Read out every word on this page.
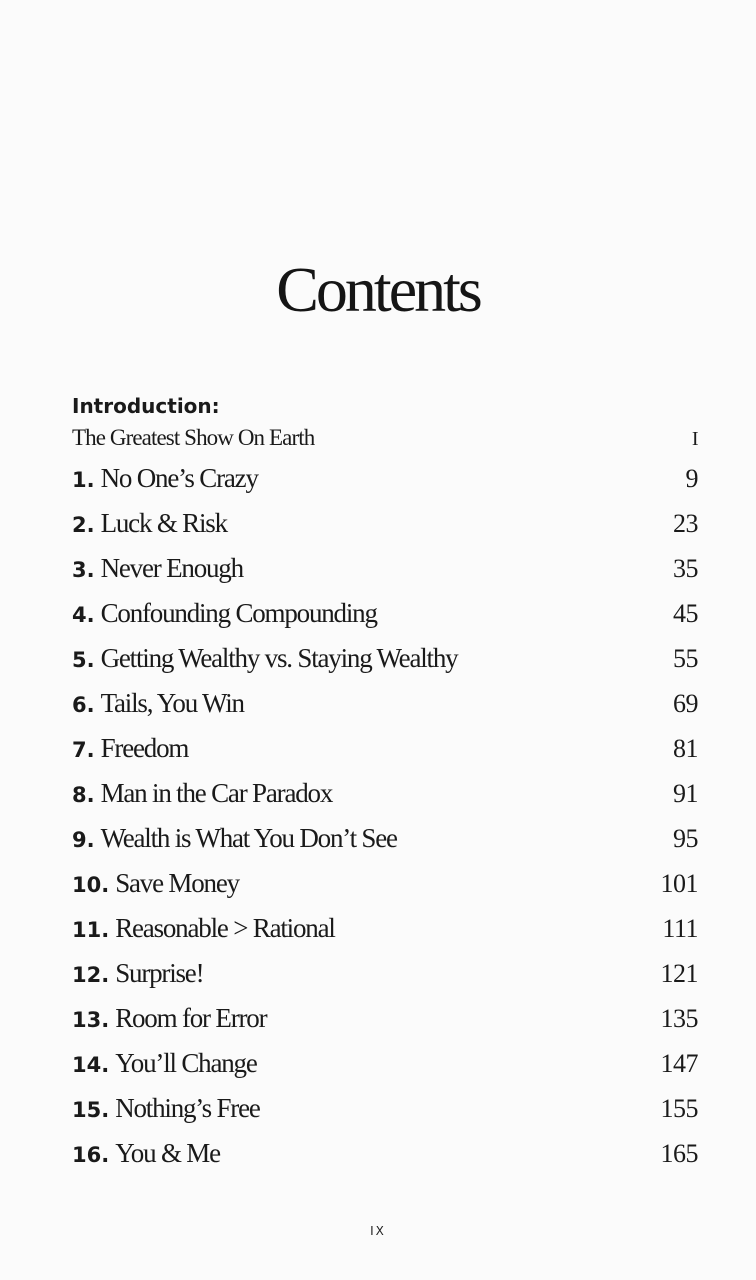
Contents
Introduction:
The Greatest Show On Earth	I
1. No One’s Crazy	9
2. Luck & Risk	23
3. Never Enough	35
4. Confounding Compounding	45
5. Getting Wealthy vs. Staying Wealthy	55
6. Tails, You Win	69
7. Freedom	81
8. Man in the Car Paradox	91
9. Wealth is What You Don’t See	95
10. Save Money	101
11. Reasonable > Rational	111
12. Surprise!	121
13. Room for Error	135
14. You’ll Change	147
15. Nothing’s Free	155
16. You & Me	165
IX
